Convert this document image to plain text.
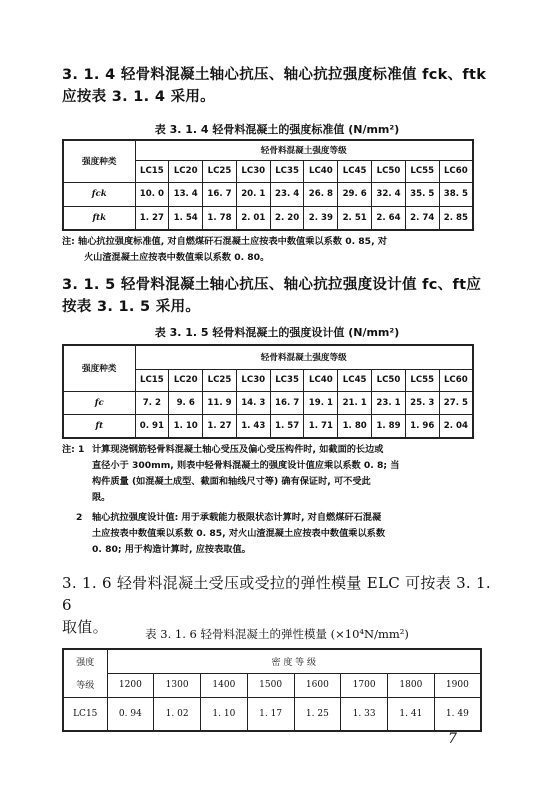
3. 1. 4 轻骨料混凝土轴心抗压、轴心抗拉强度标准值 fck、ftk
应按表 3. 1. 4 采用。
表 3. 1. 4 轻骨料混凝土的强度标准值 (N/mm²)
强度种类	轻骨料混凝土强度等级									
	LC15	LC20	LC25	LC30	LC35	LC40	LC45	LC50	LC55	LC60
fck	10. 0	13. 4	16. 7	20. 1	23. 4	26. 8	29. 6	32. 4	35. 5	38. 5
ftk	1. 27	1. 54	1. 78	2. 01	2. 20	2. 39	2. 51	2. 64	2. 74	2. 85
注: 轴心抗拉强度标准值, 对自燃煤矸石混凝土应按表中数值乘以系数 0. 85, 对
火山渣混凝土应按表中数值乘以系数 0. 80。
3. 1. 5 轻骨料混凝土轴心抗压、轴心抗拉强度设计值 fc、ft应
按表 3. 1. 5 采用。
表 3. 1. 5 轻骨料混凝土的强度设计值 (N/mm²)
强度种类	轻骨料混凝土强度等级									
	LC15	LC20	LC25	LC30	LC35	LC40	LC45	LC50	LC55	LC60
fc	7. 2	9. 6	11. 9	14. 3	16. 7	19. 1	21. 1	23. 1	25. 3	27. 5
ft	0. 91	1. 10	1. 27	1. 43	1. 57	1. 71	1. 80	1. 89	1. 96	2. 04
注: 1 计算现浇钢筋轻骨料混凝土轴心受压及偏心受压构件时, 如截面的长边或
直径小于 300mm, 则表中轻骨料混凝土的强度设计值应乘以系数 0. 8; 当
构件质量 (如混凝土成型、截面和轴线尺寸等) 确有保证时, 可不受此
限。
2	轴心抗拉强度设计值: 用于承载能力极限状态计算时, 对自燃煤矸石混凝
土应按表中数值乘以系数 0. 85, 对火山渣混凝土应按表中数值乘以系数
0. 80; 用于构造计算时, 应按表取值。
3. 1. 6 轻骨料混凝土受压或受拉的弹性模量 ELC 可按表 3. 1. 6
取值。	表 3. 1. 6 轻骨料混凝土的弹性模量 (×10⁴N/mm²)
强度	密 度 等 级							
等级	1200	1300	1400	1500	1600	1700	1800	1900
LC15	0. 94	1. 02	1. 10	1. 17	1. 25	1. 33	1. 41	1. 49
7
